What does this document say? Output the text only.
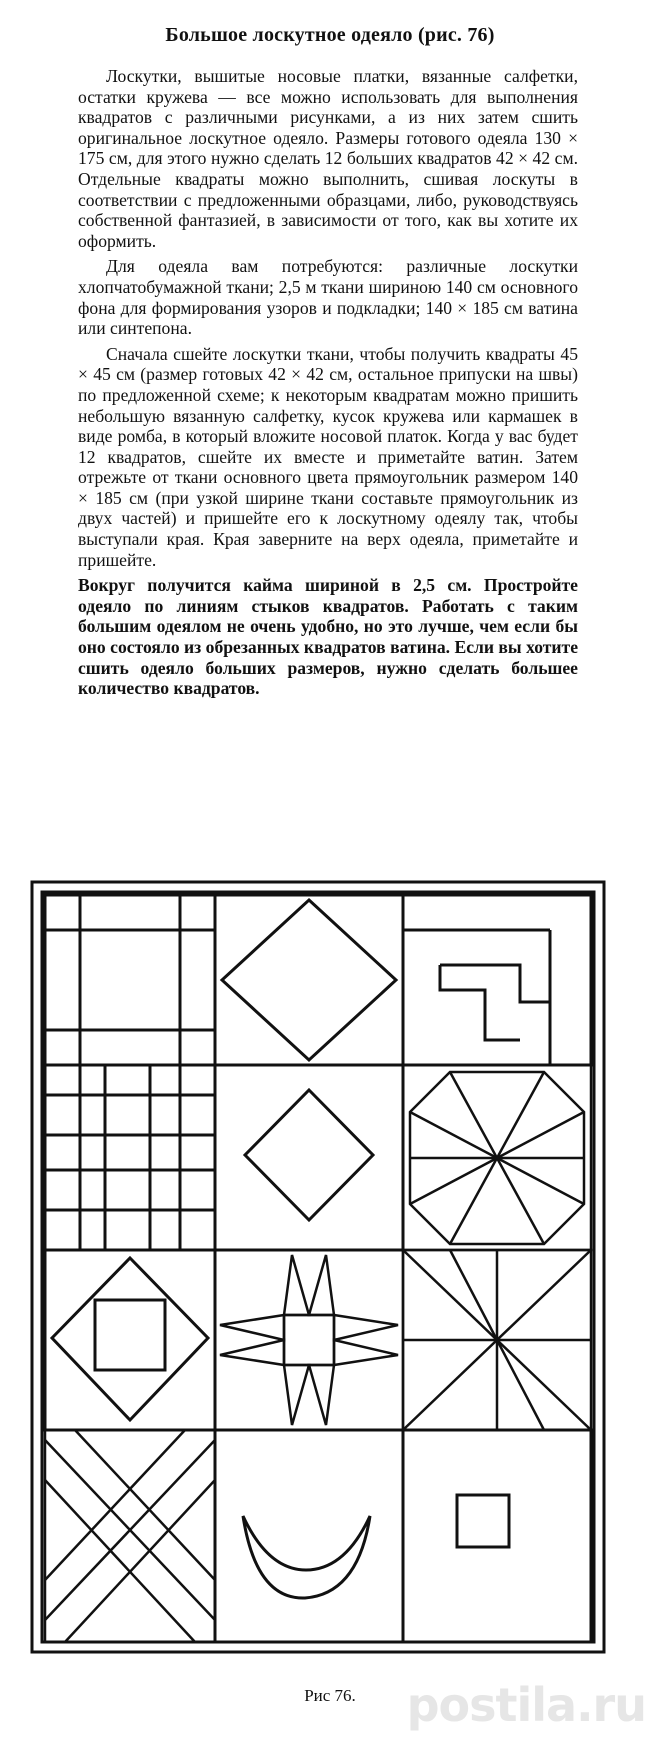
Большое лоскутное одеяло (рис. 76)

Лоскутки, вышитые носовые платки, вязанные салфетки, остатки кружева — все можно использовать для выполнения квадратов с различными рисунками, а из них затем сшить оригинальное лоскутное одеяло. Размеры готового одеяла 130 × 175 см, для этого нужно сделать 12 больших квадратов 42 × 42 см. Отдельные квадраты можно выполнить, сшивая лоскуты в соответствии с предложенными образцами, либо, руководствуясь собственной фантазией, в зависимости от того, как вы хотите их оформить.

Для одеяла вам потребуются: различные лоскутки хлопчатобумажной ткани; 2,5 м ткани шириною 140 см основного фона для формирования узоров и подкладки; 140 × 185 см ватина или синтепона.

Сначала сшейте лоскутки ткани, чтобы получить квадраты 45 × 45 см (размер готовых 42 × 42 см, остальное припуски на швы) по предложенной схеме; к некоторым квадратам можно пришить небольшую вязанную салфетку, кусок кружева или кармашек в виде ромба, в который вложите носовой платок. Когда у вас будет 12 квадратов, сшейте их вместе и приметайте ватин. Затем отрежьте от ткани основного цвета прямоугольник размером 140 × 185 см (при узкой ширине ткани составьте прямоугольник из двух частей) и пришейте его к лоскутному одеялу так, чтобы выступали края. Края заверните на верх одеяла, приметайте и пришейте.

Вокруг получится кайма шириной в 2,5 см. Простройте одеяло по линиям стыков квадратов. Работать с таким большим одеялом не очень удобно, но это лучше, чем если бы оно состояло из обрезанных квадратов ватина. Если вы хотите сшить одеяло больших размеров, нужно сделать большее количество квадратов.

Рис 76.	postila.ru
